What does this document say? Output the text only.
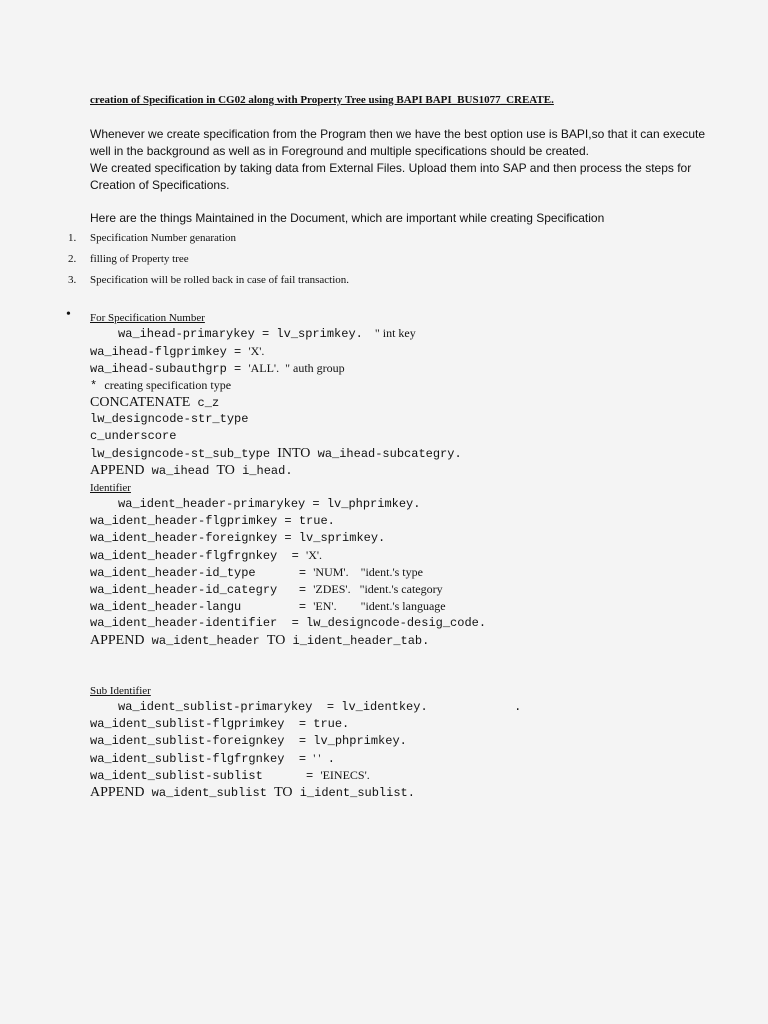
creation of Specification in CG02 along with Property Tree using BAPI BAPI_BUS1077_CREATE.

Whenever we create specification from the Program then we have the best option use is BAPI,so that it can execute

well in the background as well as in Foreground and multiple specifications should be created.

We created specification by taking data from External Files. Upload them into SAP and then process the steps for

Creation of Specifications.

Here are the things Maintained in the Document, which are important while creating Specification
1. Specification Number genaration
2. filling of Property tree
3. Specification will be rolled back in case of fail transaction.
• For Specification Number
wa_ihead-primarykey = lv_sprimkey.    " int key
wa_ihead-flgprimkey = 'X'.
wa_ihead-subauthgrp = 'ALL'.  " auth group
* creating specification type
CONCATENATE c_z
lw_designcode-str_type
c_underscore
lw_designcode-st_sub_type INTO wa_ihead-subcategry.
APPEND wa_ihead TO i_head.
Identifier
wa_ident_header-primarykey = lv_phprimkey.
wa_ident_header-flgprimkey = true.
wa_ident_header-foreignkey = lv_sprimkey.
wa_ident_header-flgfrgnkey  = 'X'.
wa_ident_header-id_type      = 'NUM'.    "ident.'s type
wa_ident_header-id_categry   = 'ZDES'.   "ident.'s category
wa_ident_header-langu        = 'EN'.        "ident.'s language
wa_ident_header-identifier  = lw_designcode-desig_code.
APPEND wa_ident_header TO i_ident_header_tab.
Sub Identifier
wa_ident_sublist-primarykey  = lv_identkey.            .
wa_ident_sublist-flgprimkey  = true.
wa_ident_sublist-foreignkey  = lv_phprimkey.
wa_ident_sublist-flgfrgnkey  = ' ' .
wa_ident_sublist-sublist      = 'EINECS'.
APPEND wa_ident_sublist TO i_ident_sublist.
